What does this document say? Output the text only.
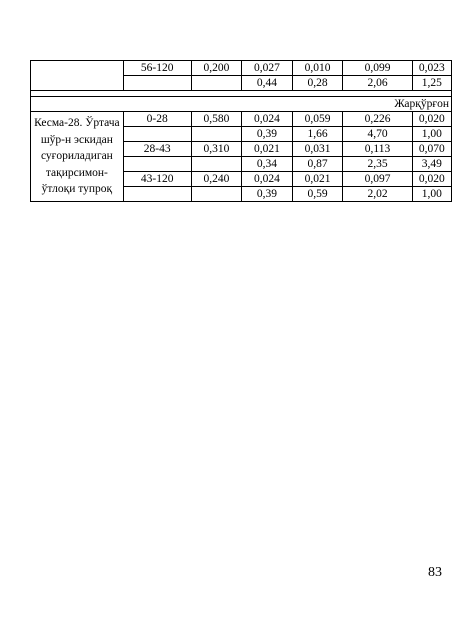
	56-120	0,200	0,027	0,010	0,099	0,023
			0,44	0,28	2,06	1,25

Жарқўрғон						
Кесма-28. Ўртача шўр-н эскидан суғориладиган тақирсимон-ўтлоқи тупроқ	0-28	0,580	0,024	0,059	0,226	0,020
			0,39	1,66	4,70	1,00
	28-43	0,310	0,021	0,031	0,113	0,070
			0,34	0,87	2,35	3,49
	43-120	0,240	0,024	0,021	0,097	0,020
			0,39	0,59	2,02	1,00
83
